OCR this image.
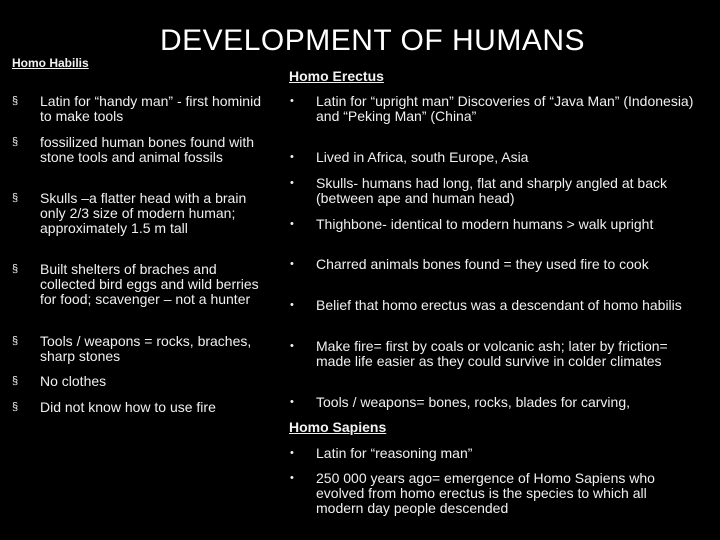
DEVELOPMENT OF HUMANS
Homo Habilis
Homo Erectus
Homo Sapiens
§ Latin for “handy man” - first hominid to make tools
§ fossilized human bones found with stone tools and animal fossils
§ Skulls –a flatter head with a brain only 2/3 size of modern human; approximately 1.5 m tall
§ Built shelters of braches and collected bird eggs and wild berries for food; scavenger – not a hunter
§ Tools / weapons = rocks, braches, sharp stones
§ No clothes
§ Did not know how to use fire
• Latin for “upright man” Discoveries of “Java Man” (Indonesia) and “Peking Man” (China”
• Lived in Africa, south Europe, Asia
• Skulls- humans had long, flat and sharply angled at back (between ape and human head)
• Thighbone- identical to modern humans > walk upright
• Charred animals bones found = they used fire to cook
• Belief that homo erectus was a descendant of homo habilis
• Make fire= first by coals or volcanic ash; later by friction= made life easier as they could survive in colder climates
• Tools / weapons= bones, rocks, blades for carving,
• Latin for “reasoning man”
• 250 000 years ago= emergence of Homo Sapiens who evolved from homo erectus is the species to which all modern day people descended
